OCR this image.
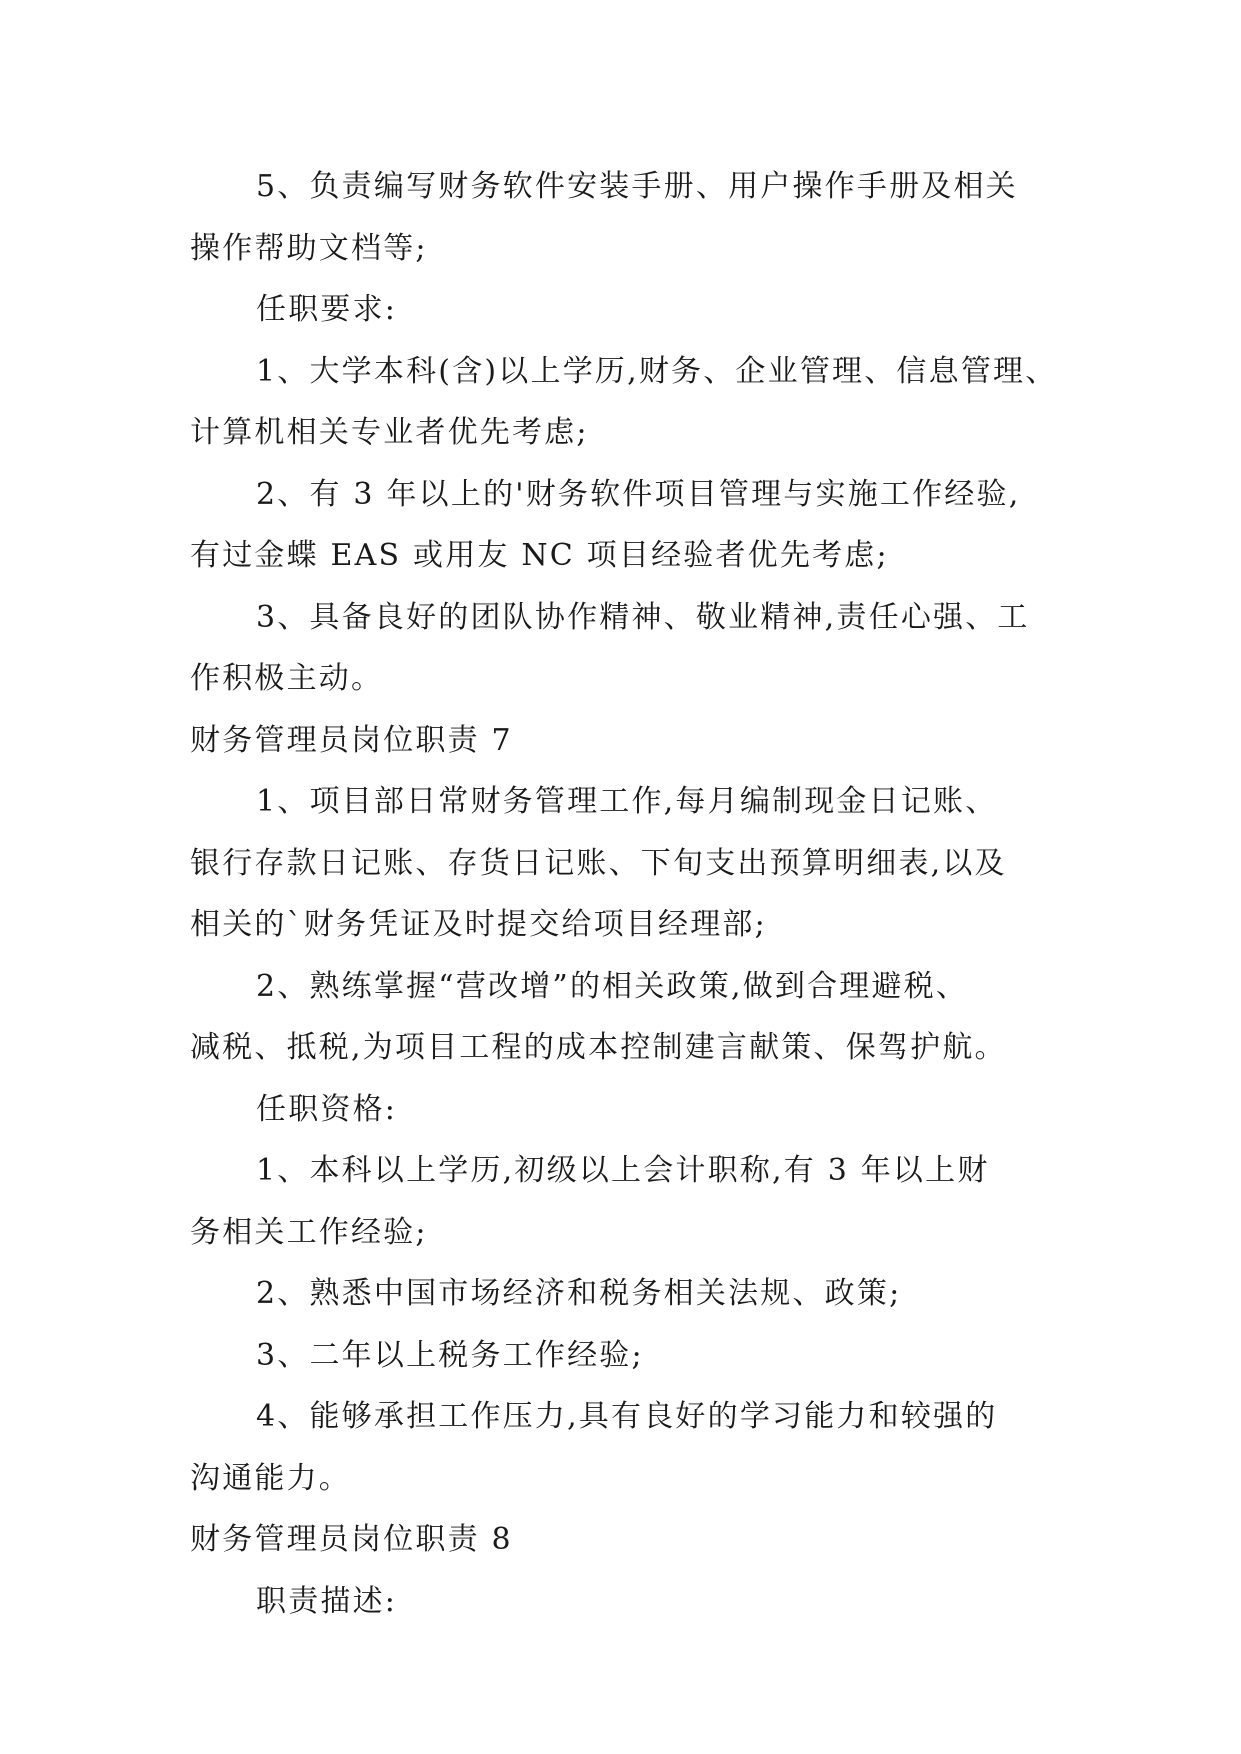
5、负责编写财务软件安装手册、用户操作手册及相关
操作帮助文档等;
任职要求:
1、大学本科(含)以上学历,财务、企业管理、信息管理、
计算机相关专业者优先考虑;
2、有 3 年以上的'财务软件项目管理与实施工作经验,
有过金蝶 EAS 或用友 NC 项目经验者优先考虑;
3、具备良好的团队协作精神、敬业精神,责任心强、工
作积极主动。
财务管理员岗位职责 7
1、项目部日常财务管理工作,每月编制现金日记账、
银行存款日记账、存货日记账、下旬支出预算明细表,以及
相关的`财务凭证及时提交给项目经理部;
2、熟练掌握“营改增”的相关政策,做到合理避税、
减税、抵税,为项目工程的成本控制建言献策、保驾护航。
任职资格:
1、本科以上学历,初级以上会计职称,有 3 年以上财
务相关工作经验;
2、熟悉中国市场经济和税务相关法规、政策;
3、二年以上税务工作经验;
4、能够承担工作压力,具有良好的学习能力和较强的
沟通能力。
财务管理员岗位职责 8
职责描述:
